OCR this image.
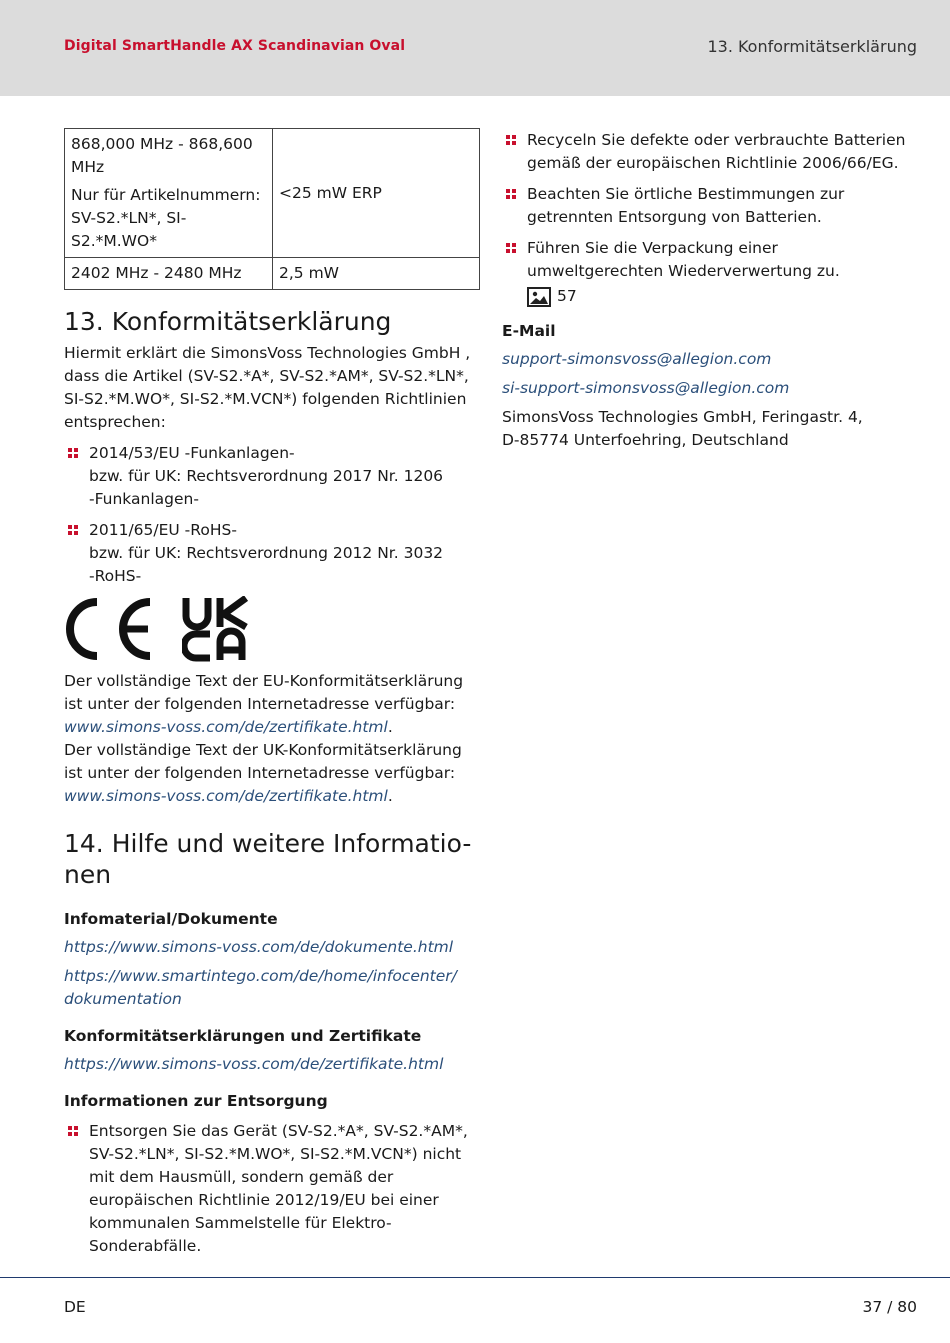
Digital SmartHandle AX Scandinavian Oval	13. Konformitätserklärung

868,000 MHz - 868,600 MHz

Nur für Artikelnummern: SV-S2.*LN*, SI-S2.*M.WO*	<25 mW ERP
2402 MHz - 2480 MHz	2,5 mW
13. Konformitätserklärung

Hiermit erklärt die SimonsVoss Technologies GmbH , dass die Artikel (SV-S2.*A*, SV-S2.*AM*, SV-S2.*LN*, SI-S2.*M.WO*, SI-S2.*M.VCN*) folgenden Richtlinien entsprechen:

2014/53/EU -Funkanlagen-
bzw. für UK: Rechtsverordnung 2017 Nr. 1206
-Funkanlagen-
2011/65/EU -RoHS-
bzw. für UK: Rechtsverordnung 2012 Nr. 3032
-RoHS-

Der vollständige Text der EU-Konformitätserklärung ist unter der folgenden Internetadresse verfügbar:
www.simons-voss.com/de/zertifikate.html.
Der vollständige Text der UK-Konformitätserklärung ist unter der folgenden Internetadresse verfügbar:
www.simons-voss.com/de/zertifikate.html.

14. Hilfe und weitere Informatio-
nen
Infomaterial/Dokumente
https://www.simons-voss.com/de/dokumente.html
https://www.smartintego.com/de/home/infocenter/
dokumentation
Konformitätserklärungen und Zertifikate
https://www.simons-voss.com/de/zertifikate.html
Informationen zur Entsorgung
Entsorgen Sie das Gerät (SV-S2.*A*, SV-S2.*AM*, SV-S2.*LN*, SI-S2.*M.WO*, SI-S2.*M.VCN*) nicht mit dem Hausmüll, sondern gemäß der europäischen Richtlinie 2012/19/EU bei einer kommunalen Sammelstelle für Elektro-Sonderabfälle.
Recyceln Sie defekte oder verbrauchte Batterien gemäß der europäischen Richtlinie 2006/66/EG.
Beachten Sie örtliche Bestimmungen zur getrennten Entsorgung von Batterien.
Führen Sie die Verpackung einer umweltgerechten Wiederverwertung zu.
57
E-Mail
support-simonsvoss@allegion.com
si-support-simonsvoss@allegion.com

SimonsVoss Technologies GmbH, Feringastr. 4,
D-85774 Unterfoehring, Deutschland

DE	37 / 80
